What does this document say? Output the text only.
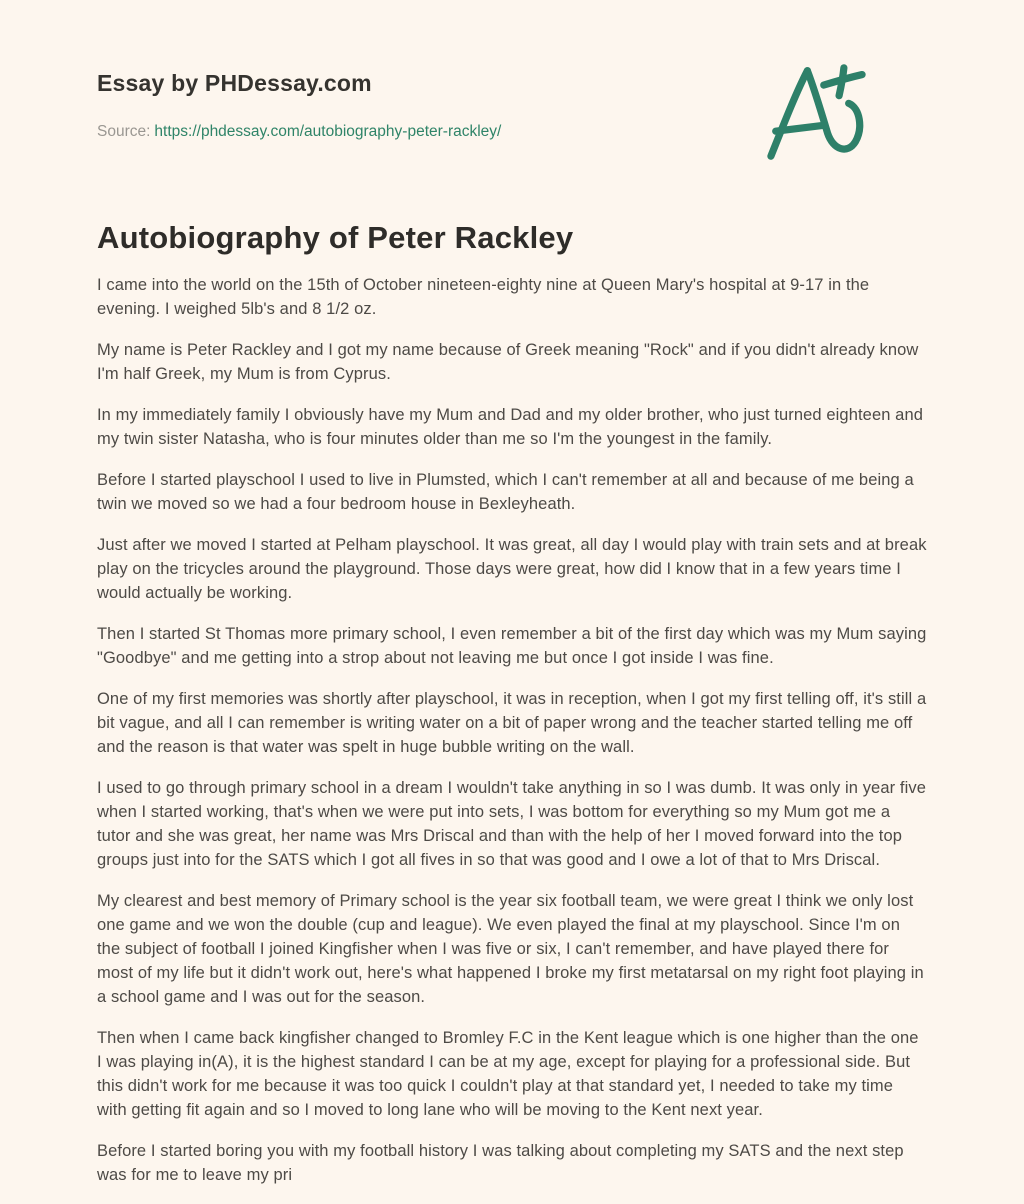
Essay by PHDessay.com
Source: https://phdessay.com/autobiography-peter-rackley/
Autobiography of Peter Rackley

I came into the world on the 15th of October nineteen-eighty nine at Queen Mary's hospital at 9-17 in the evening. I weighed 5lb's and 8 1/2 oz.

My name is Peter Rackley and I got my name because of Greek meaning "Rock" and if you didn't already know I'm half Greek, my Mum is from Cyprus.

In my immediately family I obviously have my Mum and Dad and my older brother, who just turned eighteen and my twin sister Natasha, who is four minutes older than me so I'm the youngest in the family.

Before I started playschool I used to live in Plumsted, which I can't remember at all and because of me being a twin we moved so we had a four bedroom house in Bexleyheath.

Just after we moved I started at Pelham playschool. It was great, all day I would play with train sets and at break play on the tricycles around the playground. Those days were great, how did I know that in a few years time I would actually be working.

Then I started St Thomas more primary school, I even remember a bit of the first day which was my Mum saying "Goodbye" and me getting into a strop about not leaving me but once I got inside I was fine.

One of my first memories was shortly after playschool, it was in reception, when I got my first telling off, it's still a bit vague, and all I can remember is writing water on a bit of paper wrong and the teacher started telling me off and the reason is that water was spelt in huge bubble writing on the wall.

I used to go through primary school in a dream I wouldn't take anything in so I was dumb. It was only in year five when I started working, that's when we were put into sets, I was bottom for everything so my Mum got me a tutor and she was great, her name was Mrs Driscal and than with the help of her I moved forward into the top groups just into for the SATS which I got all fives in so that was good and I owe a lot of that to Mrs Driscal.

My clearest and best memory of Primary school is the year six football team, we were great I think we only lost one game and we won the double (cup and league). We even played the final at my playschool. Since I'm on the subject of football I joined Kingfisher when I was five or six, I can't remember, and have played there for most of my life but it didn't work out, here's what happened I broke my first metatarsal on my right foot playing in a school game and I was out for the season.

Then when I came back kingfisher changed to Bromley F.C in the Kent league which is one higher than the one I was playing in(A), it is the highest standard I can be at my age, except for playing for a professional side. But this didn't work for me because it was too quick I couldn't play at that standard yet, I needed to take my time with getting fit again and so I moved to long lane who will be moving to the Kent next year.

Before I started boring you with my football history I was talking about completing my SATS and the next step was for me to leave my pri
